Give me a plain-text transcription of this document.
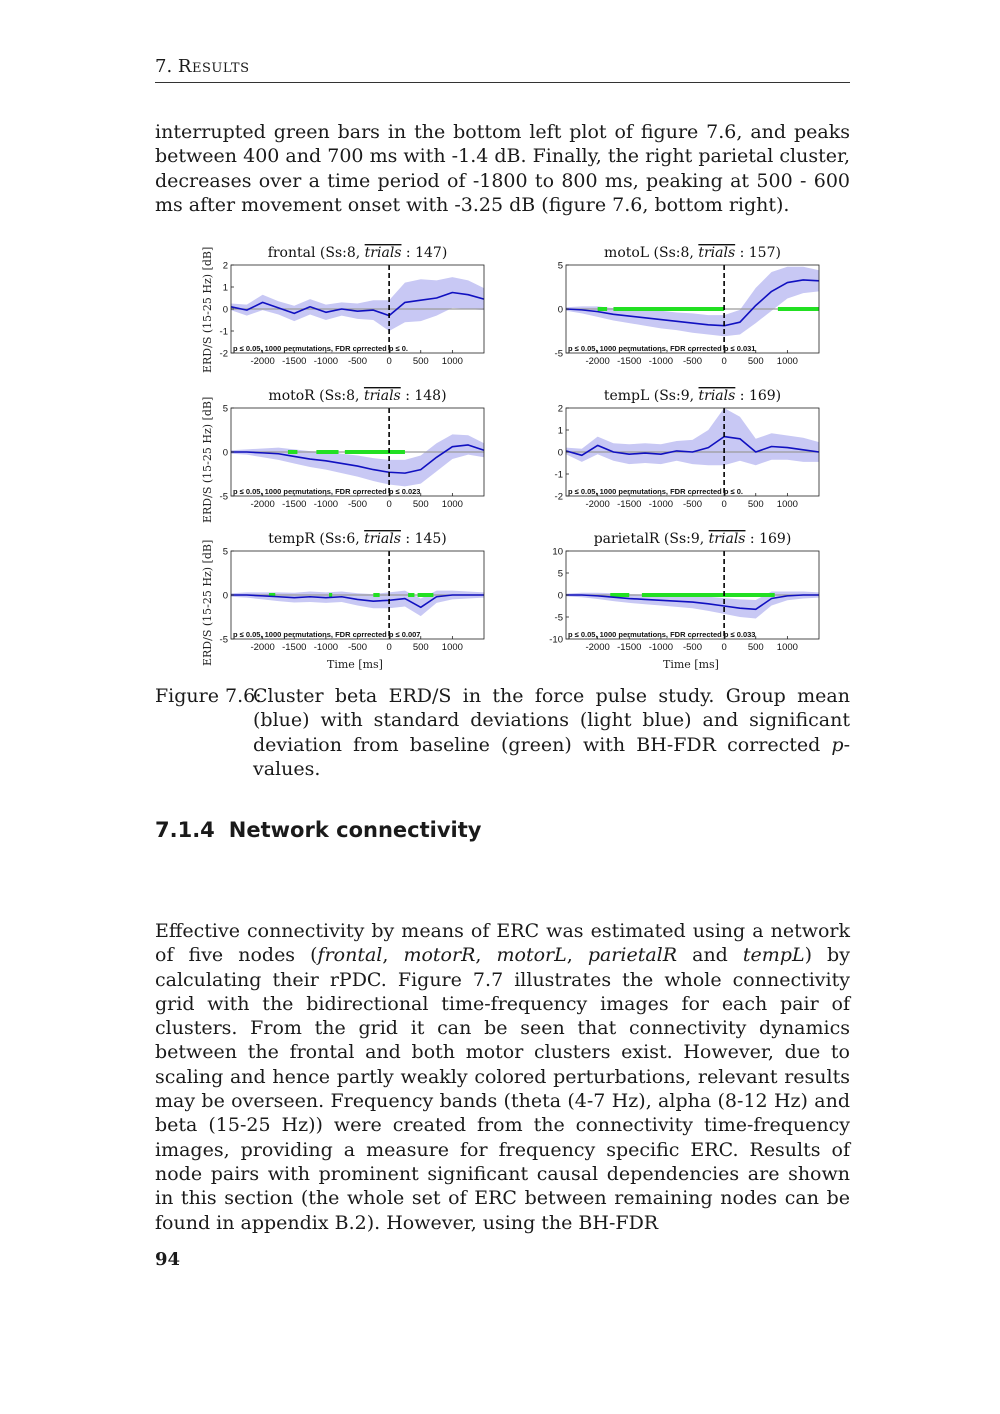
7. Results

interrupted green bars in the bottom left plot of figure 7.6, and peaks between 400 and 700 ms with -1.4 dB. Finally, the right parietal cluster, decreases over a time period of -1800 to 800 ms, peaking at 500 - 600 ms after movement onset with -3.25 dB (figure 7.6, bottom right).

ERD/S (15-25 Hz) [dB]
ERD/S (15-25 Hz) [dB]
ERD/S (15-25 Hz) [dB]	Time [ms]	Time [ms]
-2000 -1500 -1000 -500 0 500 1000
-2
-1
0
1
2
p ≤ 0.05, 1000 permutations, FDR corrected p ≤ 0.
frontal (Ss:8, trials : 147)
-2000 -1500 -1000 -500 0 500 1000
-5
0
5
p ≤ 0.05, 1000 permutations, FDR corrected p ≤ 0.031
motoL (Ss:8, trials : 157)
-2000 -1500 -1000 -500 0 500 1000
-5
0
5
p ≤ 0.05, 1000 permutations, FDR corrected p ≤ 0.023
motoR (Ss:8, trials : 148)
-2000 -1500 -1000 -500 0 500 1000
-2
-1
0
1
2
p ≤ 0.05, 1000 permutations, FDR corrected p ≤ 0.
tempL (Ss:9, trials : 169)
-2000 -1500 -1000 -500 0 500 1000
-5
0
5
p ≤ 0.05, 1000 permutations, FDR corrected p ≤ 0.007
tempR (Ss:6, trials : 145)
-2000 -1500 -1000 -500 0 500 1000
-10
-5
0
5
10
p ≤ 0.05, 1000 permutations, FDR corrected p ≤ 0.033
parietalR (Ss:9, trials : 169)
Figure 7.6:
Cluster beta ERD/S in the force pulse study. Group mean (blue) with standard deviations (light blue) and significant deviation from baseline (green) with BH-FDR corrected p-values.
7.1.4 Network connectivity

Effective connectivity by means of ERC was estimated using a network of five nodes (frontal, motorR, motorL, parietalR and tempL) by calculating their rPDC. Figure 7.7 illustrates the whole connectivity grid with the bidirectional time-frequency images for each pair of clusters. From the grid it can be seen that connectivity dynamics between the frontal and both motor clusters exist. However, due to scaling and hence partly weakly colored perturbations, relevant results may be overseen. Frequency bands (theta (4-7 Hz), alpha (8-12 Hz) and beta (15-25 Hz)) were created from the connectivity time-frequency images, providing a measure for frequency specific ERC. Results of node pairs with prominent significant causal dependencies are shown in this section (the whole set of ERC between remaining nodes can be found in appendix B.2). However, using the BH-FDR

94
